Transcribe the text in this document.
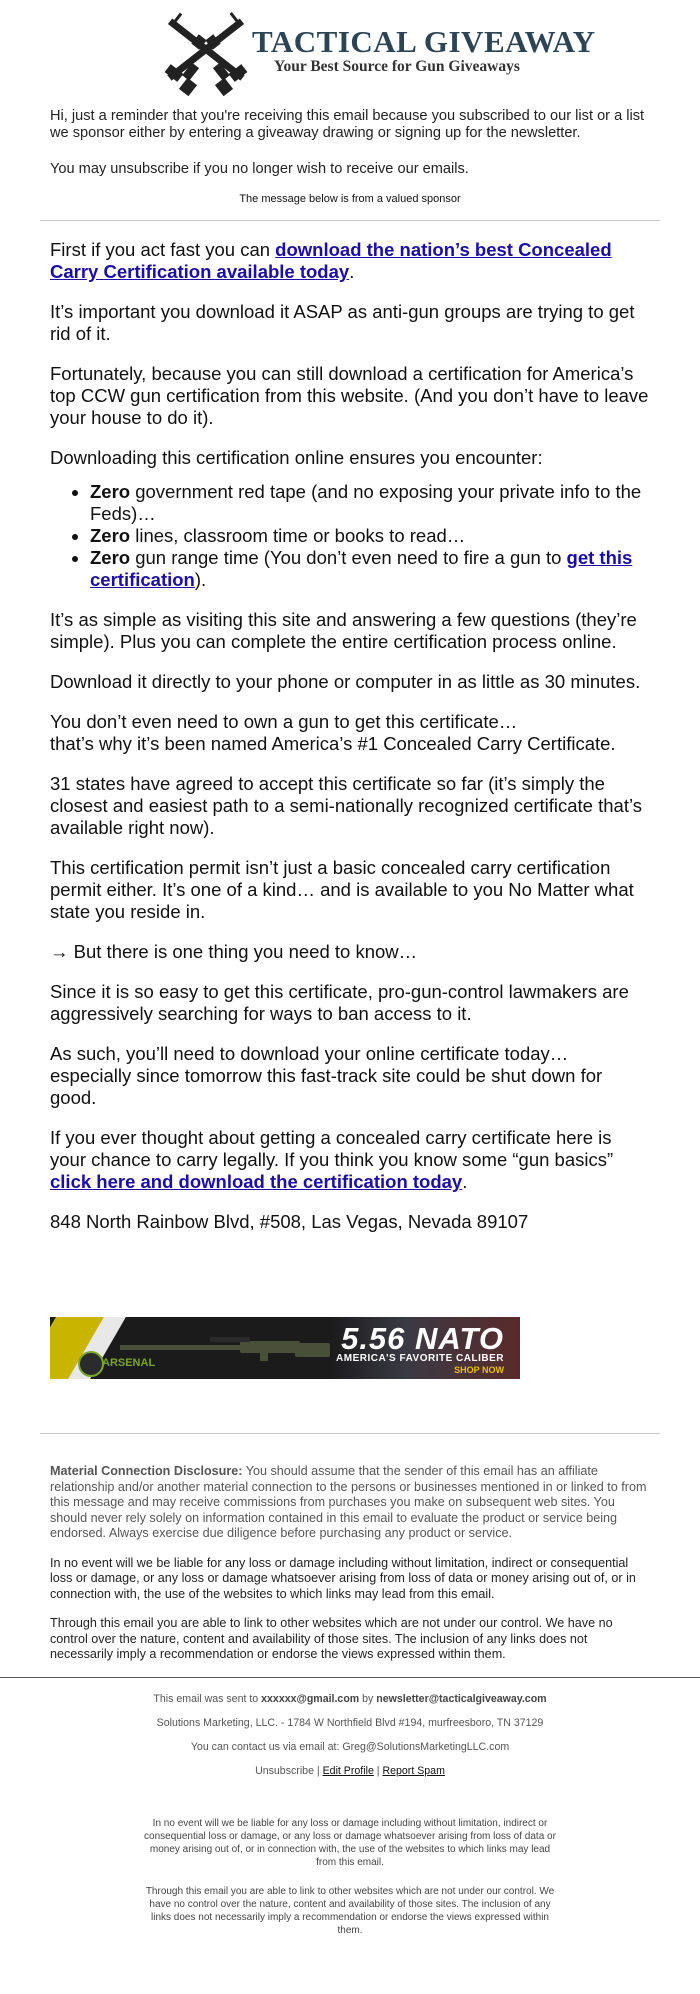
TACTICAL GIVEAWAY
Your Best Source for Gun Giveaways

Hi, just a reminder that you're receiving this email because you subscribed to our list or a list we sponsor either by entering a giveaway drawing or signing up for the newsletter.

You may unsubscribe if you no longer wish to receive our emails.

The message below is from a valued sponsor

First if you act fast you can download the nation’s best Concealed Carry Certification available today.

It’s important you download it ASAP as anti-gun groups are trying to get rid of it.

Fortunately, because you can still download a certification for America’s top CCW gun certification from this website. (And you don’t have to leave your house to do it).

Downloading this certification online ensures you encounter:

• Zero government red tape (and no exposing your private info to the Feds)…
• Zero lines, classroom time or books to read…
• Zero gun range time (You don’t even need to fire a gun to get this certification).

It’s as simple as visiting this site and answering a few questions (they’re simple). Plus you can complete the entire certification process online.

Download it directly to your phone or computer in as little as 30 minutes.

You don’t even need to own a gun to get this certificate…
that’s why it’s been named America’s #1 Concealed Carry Certificate.

31 states have agreed to accept this certificate so far (it’s simply the closest and easiest path to a semi-nationally recognized certificate that’s available right now).

This certification permit isn’t just a basic concealed carry certification permit either. It’s one of a kind… and is available to you No Matter what state you reside in.

→ But there is one thing you need to know…

Since it is so easy to get this certificate, pro-gun-control lawmakers are aggressively searching for ways to ban access to it.

As such, you’ll need to download your online certificate today… especially since tomorrow this fast-track site could be shut down for good.

If you ever thought about getting a concealed carry certificate here is your chance to carry legally. If you think you know some “gun basics” click here and download the certification today.

848 North Rainbow Blvd, #508, Las Vegas, Nevada 89107

ARSENAL
5.56 NATO
AMERICA'S FAVORITE CALIBER
SHOP NOW

Material Connection Disclosure: You should assume that the sender of this email has an affiliate relationship and/or another material connection to the persons or businesses mentioned in or linked to from this message and may receive commissions from purchases you make on subsequent web sites. You should never rely solely on information contained in this email to evaluate the product or service being endorsed. Always exercise due diligence before purchasing any product or service.

In no event will we be liable for any loss or damage including without limitation, indirect or consequential loss or damage, or any loss or damage whatsoever arising from loss of data or money arising out of, or in connection with, the use of the websites to which links may lead from this email.

Through this email you are able to link to other websites which are not under our control. We have no control over the nature, content and availability of those sites. The inclusion of any links does not necessarily imply a recommendation or endorse the views expressed within them.

This email was sent to xxxxxx@gmail.com by newsletter@tacticalgiveaway.com

Solutions Marketing, LLC. - 1784 W Northfield Blvd #194, murfreesboro, TN 37129

You can contact us via email at: Greg@SolutionsMarketingLLC.com

Unsubscribe | Edit Profile | Report Spam

In no event will we be liable for any loss or damage including without limitation, indirect or consequential loss or damage, or any loss or damage whatsoever arising from loss of data or money arising out of, or in connection with, the use of the websites to which links may lead from this email.

Through this email you are able to link to other websites which are not under our control. We have no control over the nature, content and availability of those sites. The inclusion of any links does not necessarily imply a recommendation or endorse the views expressed within them.
